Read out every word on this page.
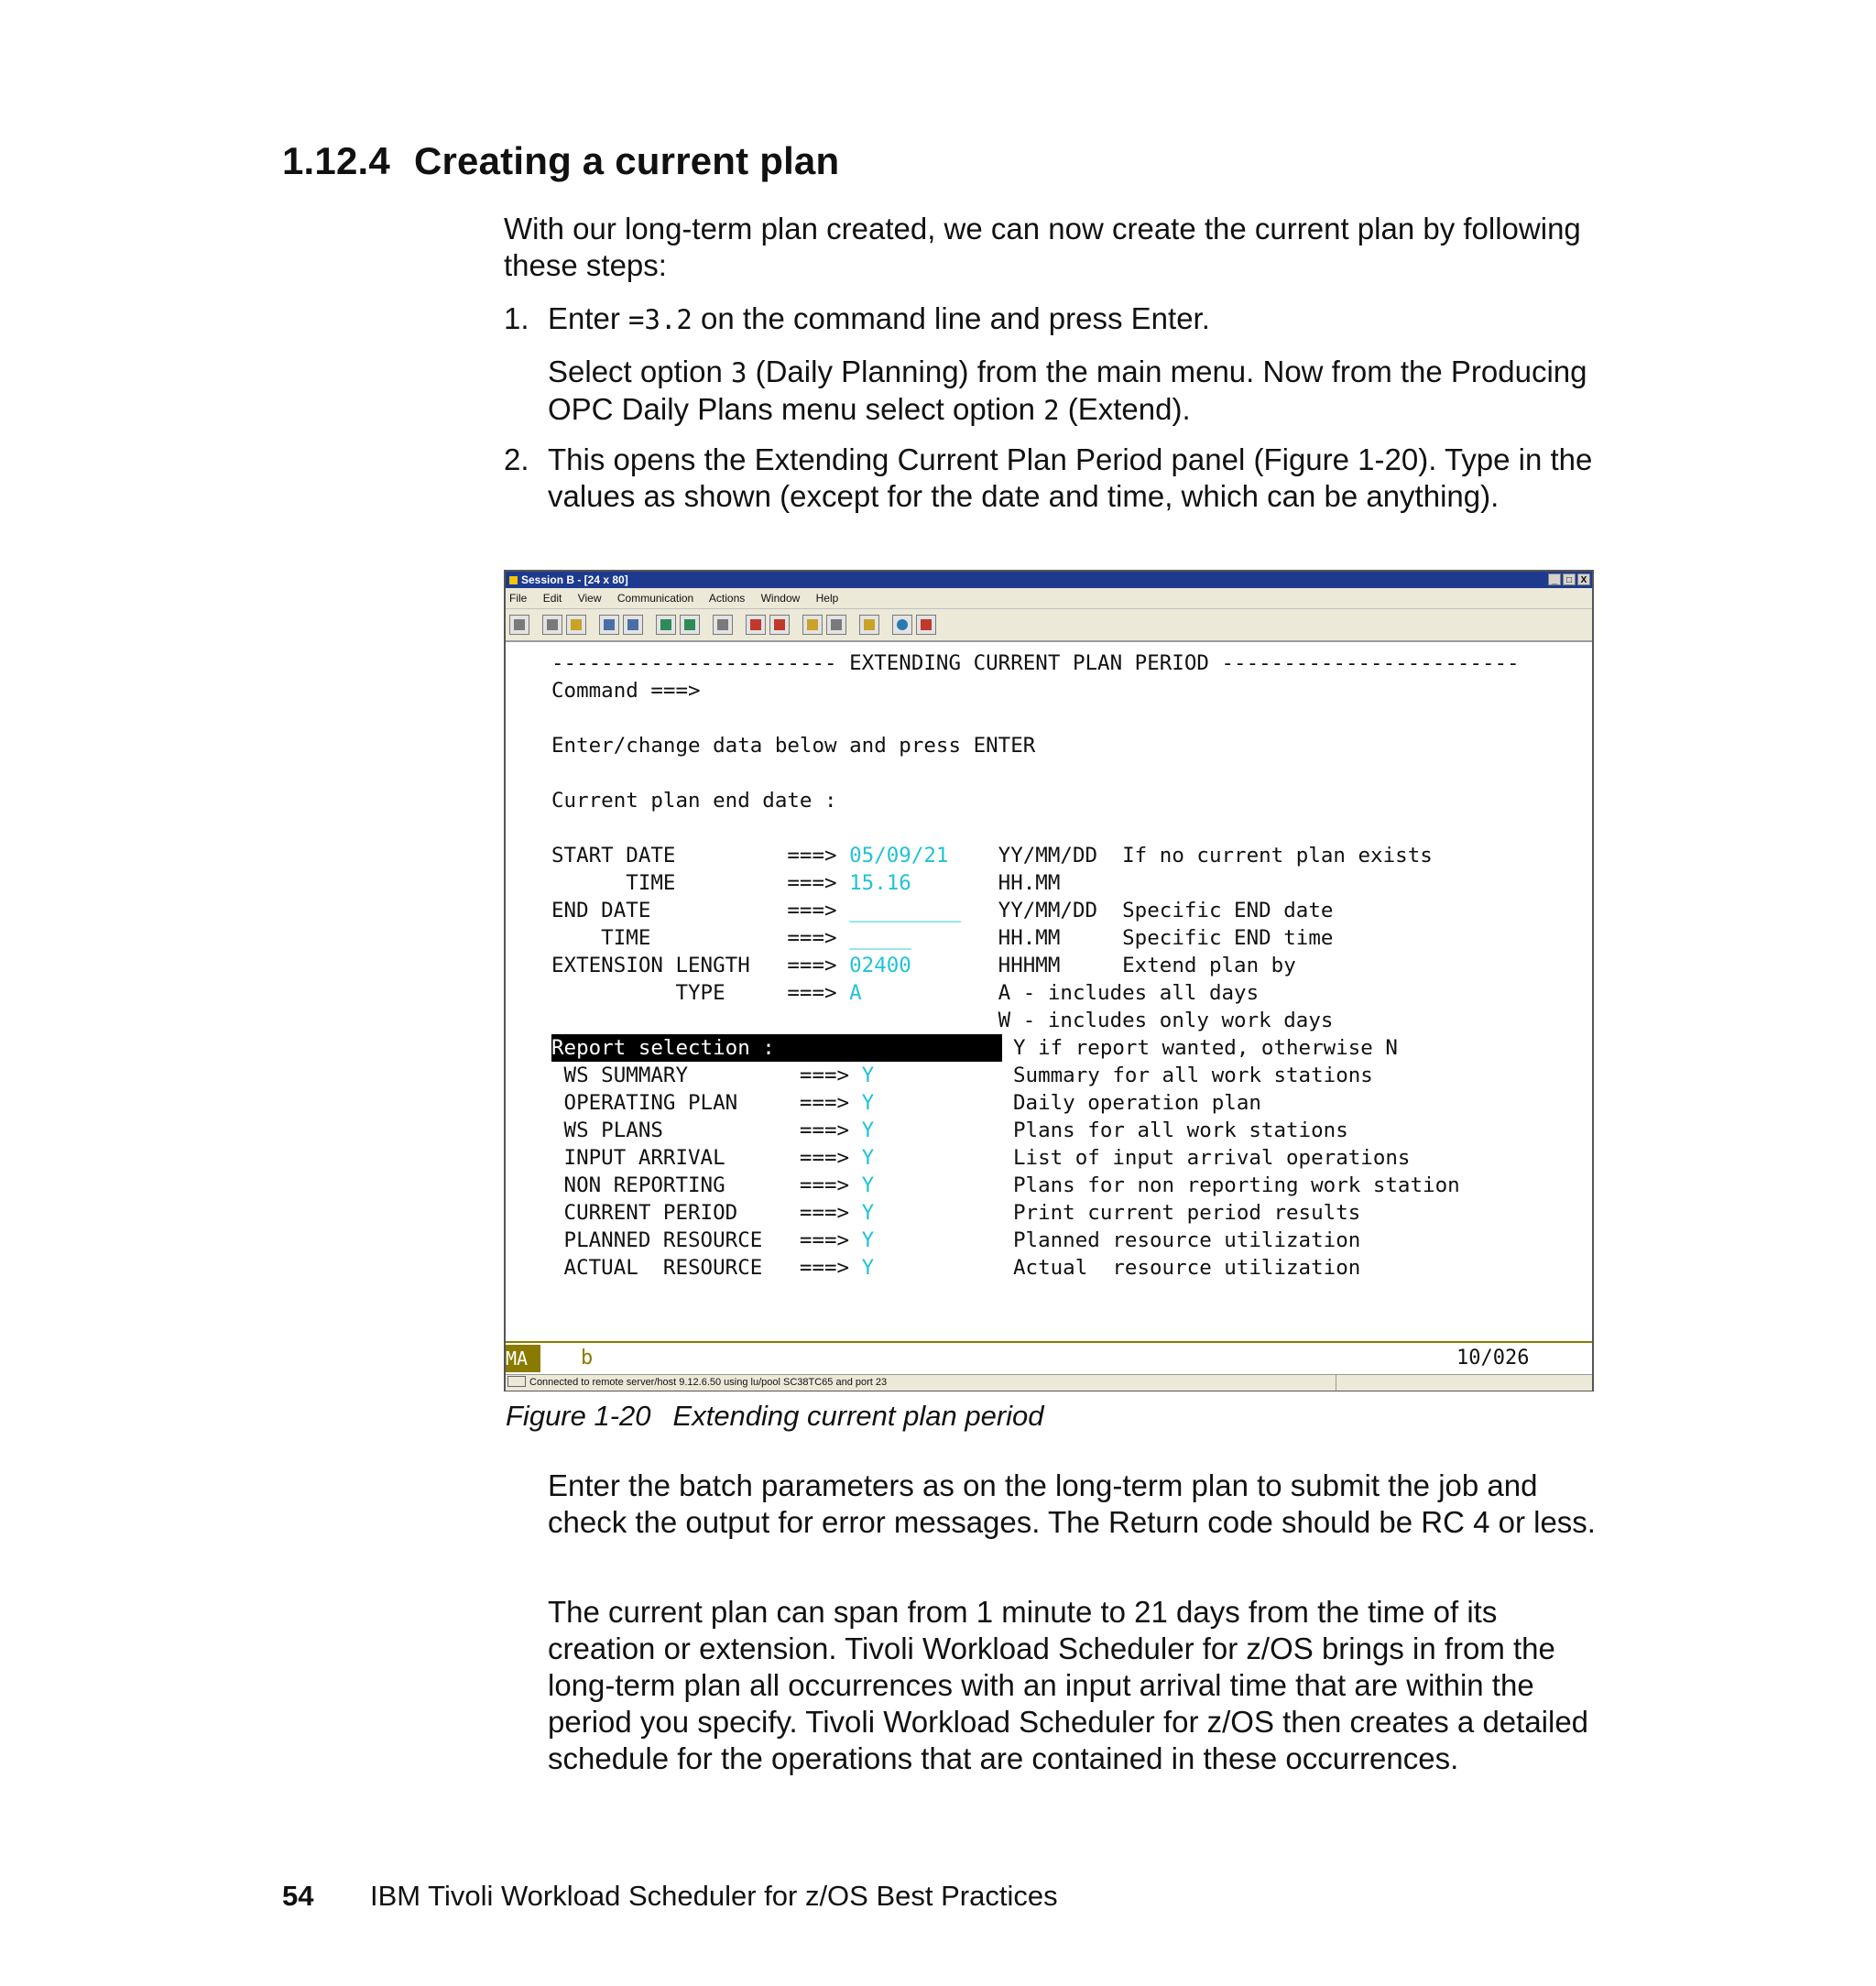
1.12.4 Creating a current plan
With our long-term plan created, we can now create the current plan by following these steps:
1. Enter =3.2 on the command line and press Enter.
Select option 3 (Daily Planning) from the main menu. Now from the Producing OPC Daily Plans menu select option 2 (Extend).
2. This opens the Extending Current Plan Period panel (Figure 1-20). Type in the values as shown (except for the date and time, which can be anything).
Session B - [24 x 80]	_	□ X
File Edit View Communication Actions Window Help
----------------------- EXTENDING CURRENT PLAN PERIOD ------------------------
Command ===>
Enter/change data below and press ENTER
Current plan end date :
START DATE         ===> 05/09/21 YY/MM/DD  If no current plan exists
TIME         ===> 15.16	HH.MM
END DATE           ===> _________ YY/MM/DD  Specific END date
TIME           ===> _____	HH.MM     Specific END time
EXTENSION LENGTH   ===> 02400	HHHMM     Extend plan by
TYPE     ===> A	A - includes all days
W - includes only work days
Report selection :	Y if report wanted, otherwise N
WS SUMMARY         ===> Y	Summary for all work stations
OPERATING PLAN     ===> Y	Daily operation plan
WS PLANS           ===> Y	Plans for all work stations
INPUT ARRIVAL      ===> Y	List of input arrival operations
NON REPORTING      ===> Y	Plans for non reporting work station
CURRENT PERIOD     ===> Y	Print current period results
PLANNED RESOURCE   ===> Y	Planned resource utilization
ACTUAL  RESOURCE   ===> Y	Actual  resource utilization
MA	b	10/026
Connected to remote server/host 9.12.6.50 using lu/pool SC38TC65 and port 23
Figure 1-20 Extending current plan period
Enter the batch parameters as on the long-term plan to submit the job and check the output for error messages. The Return code should be RC 4 or less.
The current plan can span from 1 minute to 21 days from the time of its creation or extension. Tivoli Workload Scheduler for z/OS brings in from the long-term plan all occurrences with an input arrival time that are within the period you specify. Tivoli Workload Scheduler for z/OS then creates a detailed schedule for the operations that are contained in these occurrences.
54 IBM Tivoli Workload Scheduler for z/OS Best Practices
